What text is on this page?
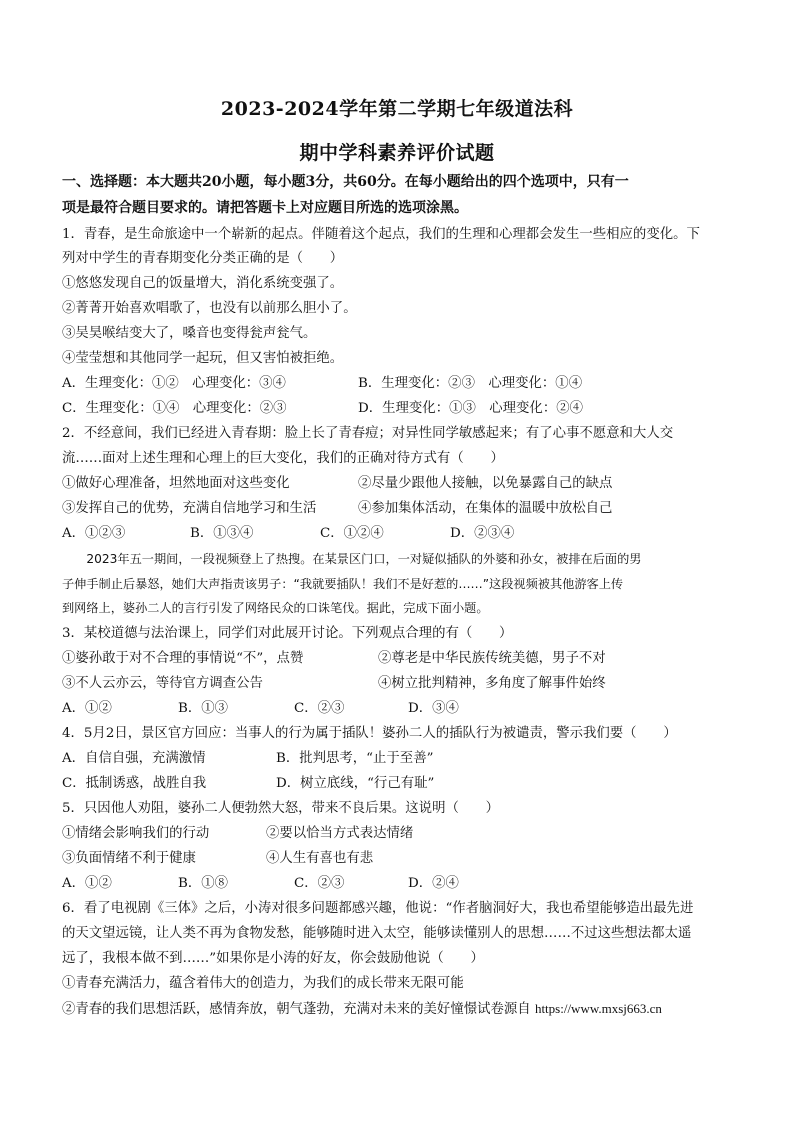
2023-2024学年第二学期七年级道法科
期中学科素养评价试题
一、选择题：本大题共20小题，每小题3分，共60分。在每小题给出的四个选项中，只有一
项是最符合题目要求的。请把答题卡上对应题目所选的选项涂黑。
1．青春，是生命旅途中一个崭新的起点。伴随着这个起点，我们的生理和心理都会发生一些相应的变化。下
列对中学生的青春期变化分类正确的是（　　）
①悠悠发现自己的饭量增大，消化系统变强了。
②菁菁开始喜欢唱歌了，也没有以前那么胆小了。
③吴昊喉结变大了，嗓音也变得瓮声瓮气。
④莹莹想和其他同学一起玩，但又害怕被拒绝。
A．生理变化：①②　心理变化：③④	B．生理变化：②③　心理变化：①④
C．生理变化：①④　心理变化：②③	D．生理变化：①③　心理变化：②④
2．不经意间，我们已经进入青春期：脸上长了青春痘；对异性同学敏感起来；有了心事不愿意和大人交
流……面对上述生理和心理上的巨大变化，我们的正确对待方式有（　　）
①做好心理准备，坦然地面对这些变化	②尽量少跟他人接触，以免暴露自己的缺点
③发挥自己的优势，充满自信地学习和生活	④参加集体活动，在集体的温暖中放松自己
A．①②③	B．①③④	C．①②④	D．②③④
　　2023年五一期间，一段视频登上了热搜。在某景区门口，一对疑似插队的外婆和孙女，被排在后面的男
子伸手制止后暴怒，她们大声指责该男子：“我就要插队！我们不是好惹的……”这段视频被其他游客上传
到网络上，婆孙二人的言行引发了网络民众的口诛笔伐。据此，完成下面小题。
3．某校道德与法治课上，同学们对此展开讨论。下列观点合理的有（　　）
①婆孙敢于对不合理的事情说“不”，点赞	②尊老是中华民族传统美德，男子不对
③不人云亦云，等待官方调查公告	④树立批判精神，多角度了解事件始终
A．①②	B．①③	C．②③	D．③④
4．5月2日，景区官方回应：当事人的行为属于插队！婆孙二人的插队行为被谴责，警示我们要（　　）
A．自信自强，充满激情	B．批判思考，“止于至善”
C．抵制诱惑，战胜自我	D．树立底线，“行己有耻”
5．只因他人劝阻，婆孙二人便勃然大怒，带来不良后果。这说明（　　）
①情绪会影响我们的行动	②要以恰当方式表达情绪
③负面情绪不利于健康	④人生有喜也有悲
A．①②	B．①⑧	C．②③	D．②④
6．看了电视剧《三体》之后，小涛对很多问题都感兴趣，他说：“作者脑洞好大，我也希望能够造出最先进
的天文望远镜，让人类不再为食物发愁，能够随时进入太空，能够读懂别人的思想……不过这些想法都太遥
远了，我根本做不到……”如果你是小涛的好友，你会鼓励他说（　　）
①青春充满活力，蕴含着伟大的创造力，为我们的成长带来无限可能
②青春的我们思想活跃，感情奔放，朝气蓬勃，充满对未来的美好憧憬试卷源自 https://www.mxsj663.cn
